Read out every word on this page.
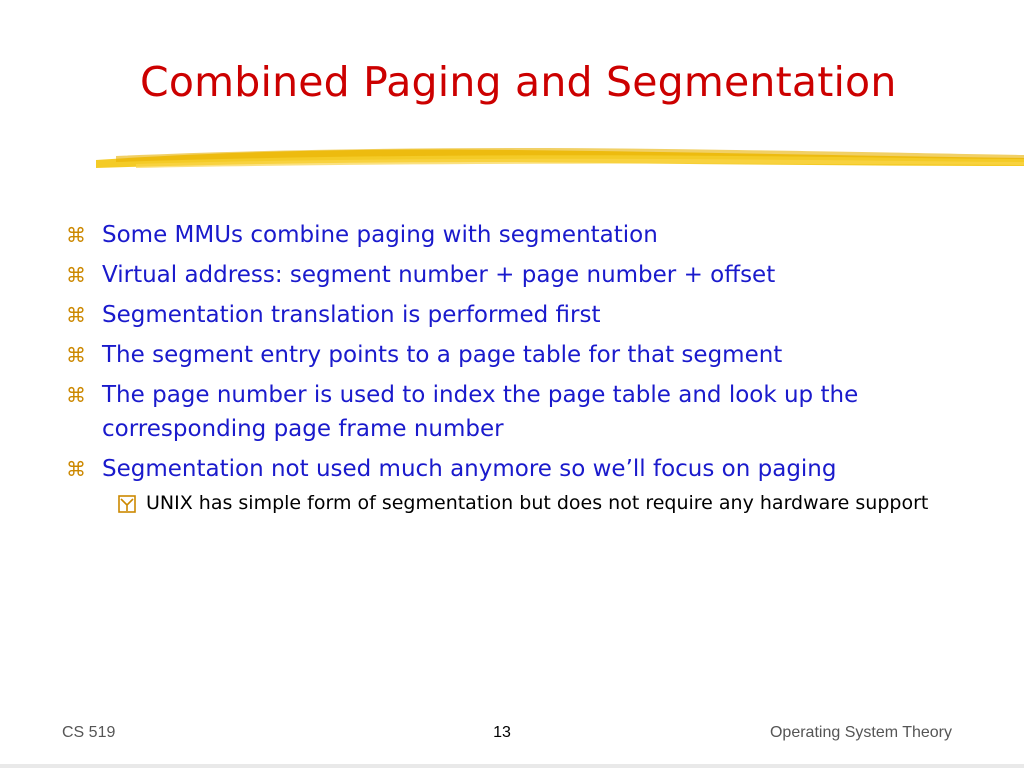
Combined Paging and Segmentation
⌘ Some MMUs combine paging with segmentation
⌘ Virtual address: segment number + page number + offset
⌘ Segmentation translation is performed first
⌘ The segment entry points to a page table for that segment
⌘ The page number is used to index the page table and look up the corresponding page frame number
⌘ Segmentation not used much anymore so we’ll focus on paging
UNIX has simple form of segmentation but does not require any hardware support
CS 519	13	Operating System Theory
